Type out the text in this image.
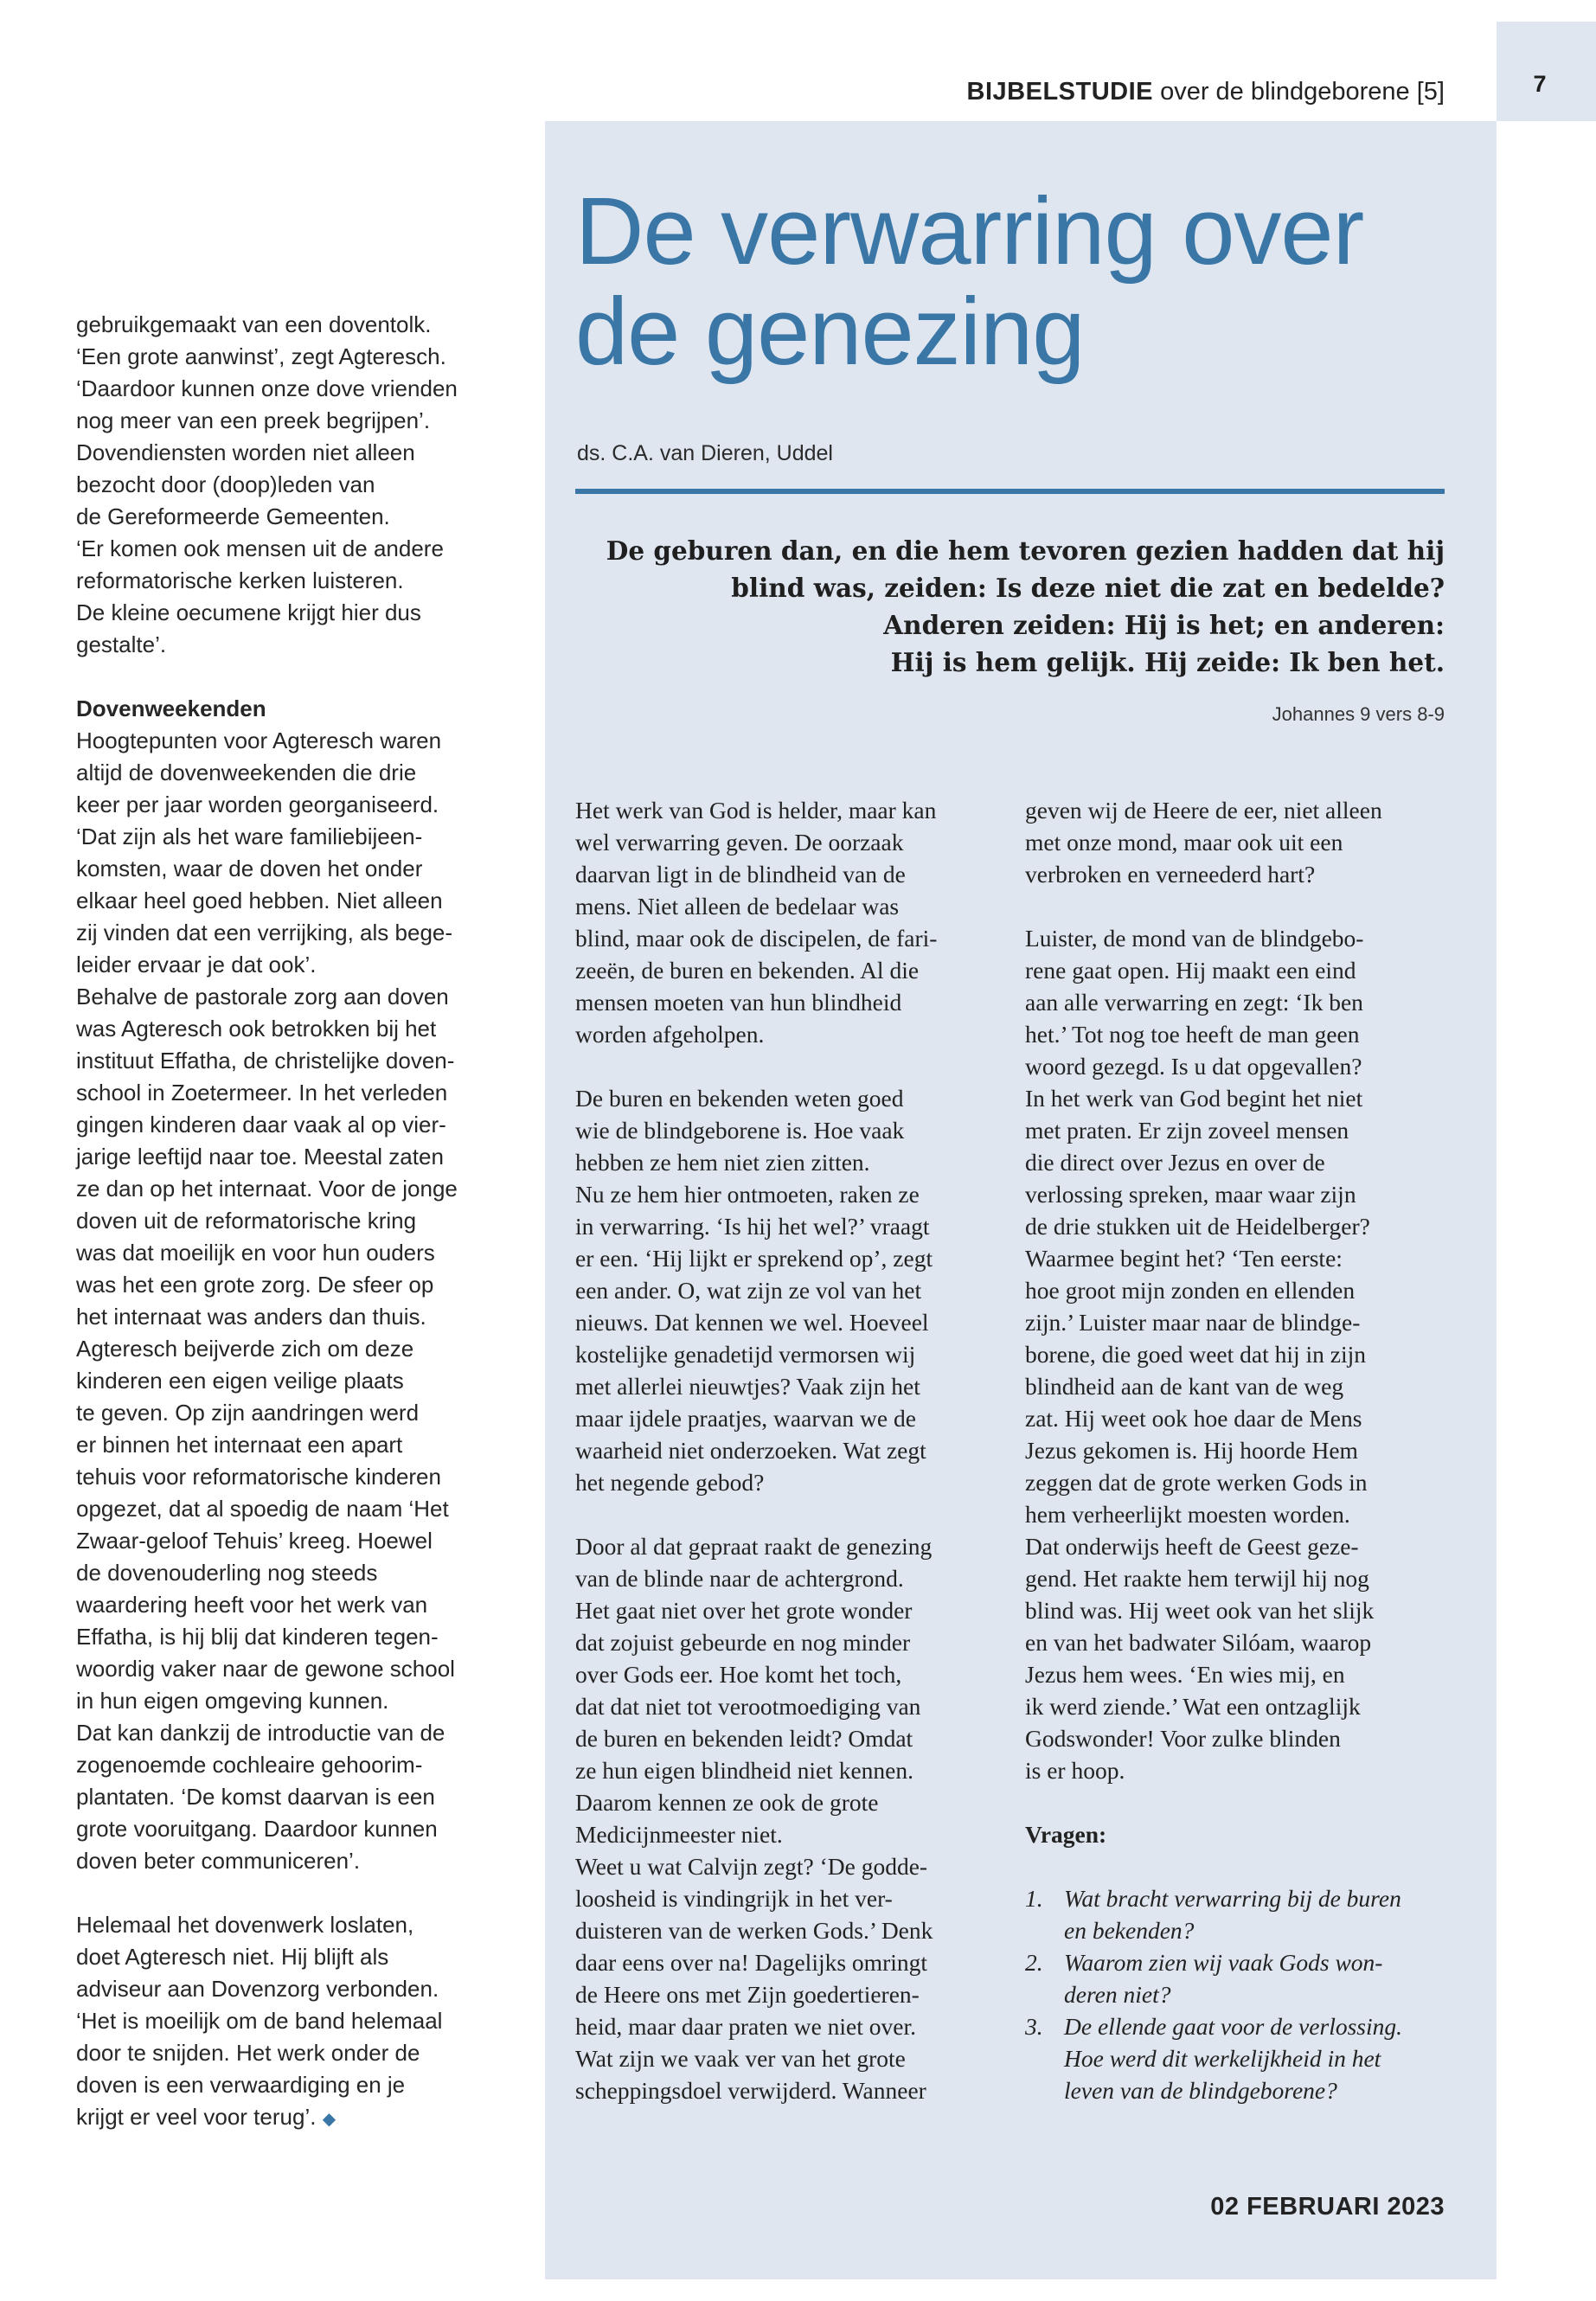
7
BIJBELSTUDIE over de blindgeborene [5]
De verwarring over
de genezing
ds. C.A. van Dieren, Uddel
De geburen dan, en die hem tevoren gezien hadden dat hij
blind was, zeiden: Is deze niet die zat en bedelde?
Anderen zeiden: Hij is het; en anderen:
Hij is hem gelijk. Hij zeide: Ik ben het.
Johannes 9 vers 8-9
gebruikgemaakt van een doventolk.
‘Een grote aanwinst’, zegt Agteresch.
‘Daardoor kunnen onze dove vrienden
nog meer van een preek begrijpen’.
Dovendiensten worden niet alleen
bezocht door (doop)leden van
de Gereformeerde Gemeenten.
‘Er komen ook mensen uit de andere
reformatorische kerken luisteren.
De kleine oecumene krijgt hier dus
gestalte’.
Dovenweekenden
Hoogtepunten voor Agteresch waren
altijd de dovenweekenden die drie
keer per jaar worden georganiseerd.
‘Dat zijn als het ware familiebijeen-
komsten, waar de doven het onder
elkaar heel goed hebben. Niet alleen
zij vinden dat een verrijking, als bege-
leider ervaar je dat ook’.
Behalve de pastorale zorg aan doven
was Agteresch ook betrokken bij het
instituut Effatha, de christelijke doven-
school in Zoetermeer. In het verleden
gingen kinderen daar vaak al op vier-
jarige leeftijd naar toe. Meestal zaten
ze dan op het internaat. Voor de jonge
doven uit de reformatorische kring
was dat moeilijk en voor hun ouders
was het een grote zorg. De sfeer op
het internaat was anders dan thuis.
Agteresch beijverde zich om deze
kinderen een eigen veilige plaats
te geven. Op zijn aandringen werd
er binnen het internaat een apart
tehuis voor reformatorische kinderen
opgezet, dat al spoedig de naam ‘Het
Zwaar-geloof Tehuis’ kreeg. Hoewel
de dovenouderling nog steeds
waardering heeft voor het werk van
Effatha, is hij blij dat kinderen tegen-
woordig vaker naar de gewone school
in hun eigen omgeving kunnen.
Dat kan dankzij de introductie van de
zogenoemde cochleaire gehoorim-
plantaten. ‘De komst daarvan is een
grote vooruitgang. Daardoor kunnen
doven beter communiceren’.
Helemaal het dovenwerk loslaten,
doet Agteresch niet. Hij blijft als
adviseur aan Dovenzorg verbonden.
‘Het is moeilijk om de band helemaal
door te snijden. Het werk onder de
doven is een verwaardiging en je
krijgt er veel voor terug’. ◆
Het werk van God is helder, maar kan
wel verwarring geven. De oorzaak
daarvan ligt in de blindheid van de
mens. Niet alleen de bedelaar was
blind, maar ook de discipelen, de fari-
zeeën, de buren en bekenden. Al die
mensen moeten van hun blindheid
worden afgeholpen.
De buren en bekenden weten goed
wie de blindgeborene is. Hoe vaak
hebben ze hem niet zien zitten.
Nu ze hem hier ontmoeten, raken ze
in verwarring. ‘Is hij het wel?’ vraagt
er een. ‘Hij lijkt er sprekend op’, zegt
een ander. O, wat zijn ze vol van het
nieuws. Dat kennen we wel. Hoeveel
kostelijke genadetijd vermorsen wij
met allerlei nieuwtjes? Vaak zijn het
maar ijdele praatjes, waarvan we de
waarheid niet onderzoeken. Wat zegt
het negende gebod?
Door al dat gepraat raakt de genezing
van de blinde naar de achtergrond.
Het gaat niet over het grote wonder
dat zojuist gebeurde en nog minder
over Gods eer. Hoe komt het toch,
dat dat niet tot verootmoediging van
de buren en bekenden leidt? Omdat
ze hun eigen blindheid niet kennen.
Daarom kennen ze ook de grote
Medicijnmeester niet.
Weet u wat Calvijn zegt? ‘De godde-
loosheid is vindingrijk in het ver-
duisteren van de werken Gods.’ Denk
daar eens over na! Dagelijks omringt
de Heere ons met Zijn goedertieren-
heid, maar daar praten we niet over.
Wat zijn we vaak ver van het grote
scheppingsdoel verwijderd. Wanneer
geven wij de Heere de eer, niet alleen
met onze mond, maar ook uit een
verbroken en verneederd hart?
Luister, de mond van de blindgebo-
rene gaat open. Hij maakt een eind
aan alle verwarring en zegt: ‘Ik ben
het.’ Tot nog toe heeft de man geen
woord gezegd. Is u dat opgevallen?
In het werk van God begint het niet
met praten. Er zijn zoveel mensen
die direct over Jezus en over de
verlossing spreken, maar waar zijn
de drie stukken uit de Heidelberger?
Waarmee begint het? ‘Ten eerste:
hoe groot mijn zonden en ellenden
zijn.’ Luister maar naar de blindge-
borene, die goed weet dat hij in zijn
blindheid aan de kant van de weg
zat. Hij weet ook hoe daar de Mens
Jezus gekomen is. Hij hoorde Hem
zeggen dat de grote werken Gods in
hem verheerlijkt moesten worden.
Dat onderwijs heeft de Geest geze-
gend. Het raakte hem terwijl hij nog
blind was. Hij weet ook van het slijk
en van het badwater Silóam, waarop
Jezus hem wees. ‘En wies mij, en
ik werd ziende.’ Wat een ontzaglijk
Godswonder! Voor zulke blinden
is er hoop.
Vragen:
1. Wat bracht verwarring bij de buren
en bekenden?
2. Waarom zien wij vaak Gods won-
deren niet?
3. De ellende gaat voor de verlossing.
Hoe werd dit werkelijkheid in het
leven van de blindgeborene?
02 FEBRUARI 2023
